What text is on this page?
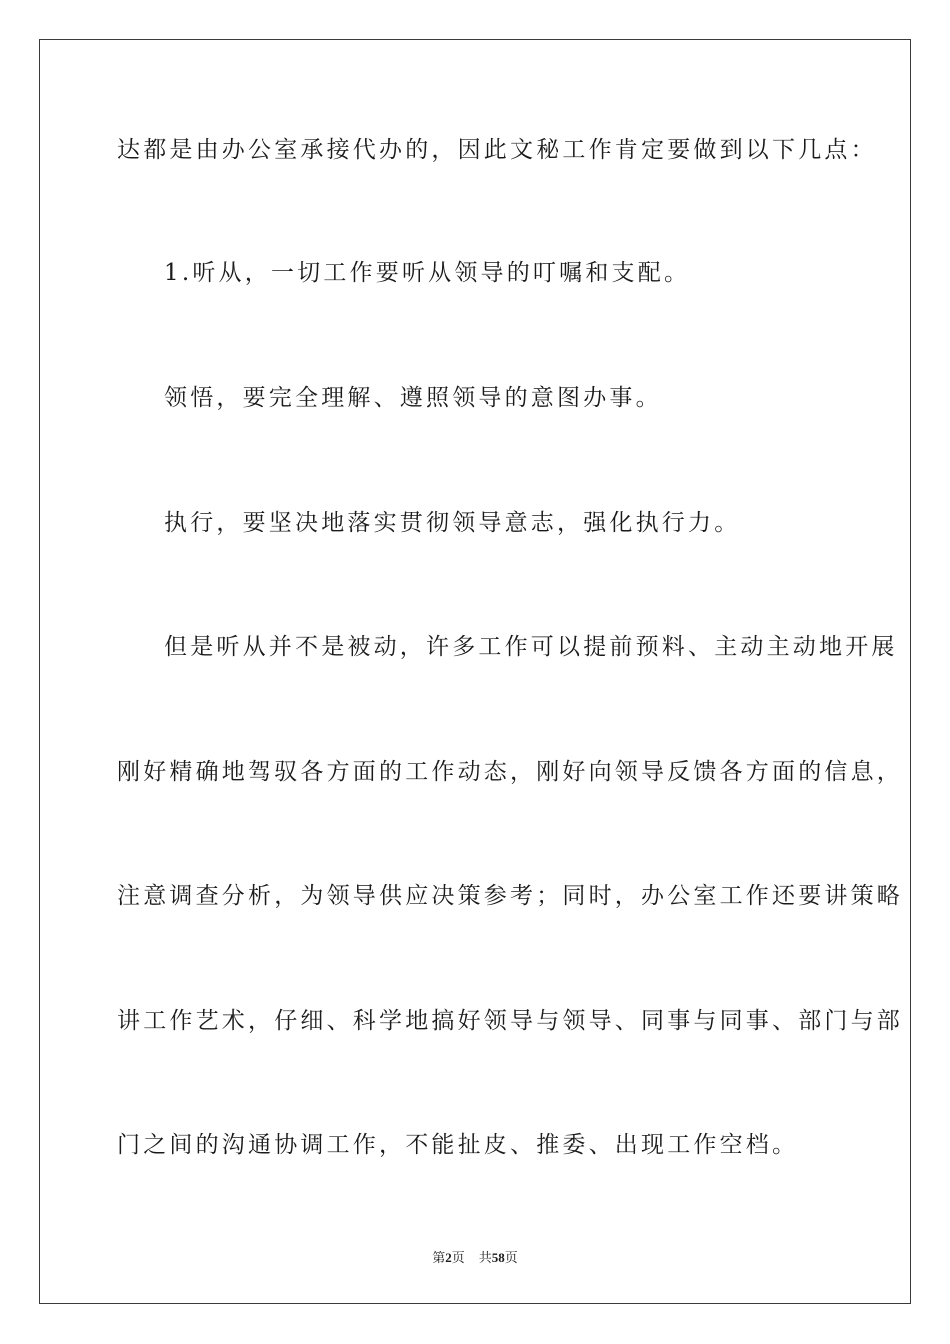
达都是由办公室承接代办的，因此文秘工作肯定要做到以下几点：
1.听从，一切工作要听从领导的叮嘱和支配。
领悟，要完全理解、遵照领导的意图办事。
执行，要坚决地落实贯彻领导意志，强化执行力。
但是听从并不是被动，许多工作可以提前预料、主动主动地开展
刚好精确地驾驭各方面的工作动态，刚好向领导反馈各方面的信息，
注意调查分析，为领导供应决策参考；同时，办公室工作还要讲策略
讲工作艺术，仔细、科学地搞好领导与领导、同事与同事、部门与部
门之间的沟通协调工作，不能扯皮、推委、出现工作空档。
第2页 共58页
